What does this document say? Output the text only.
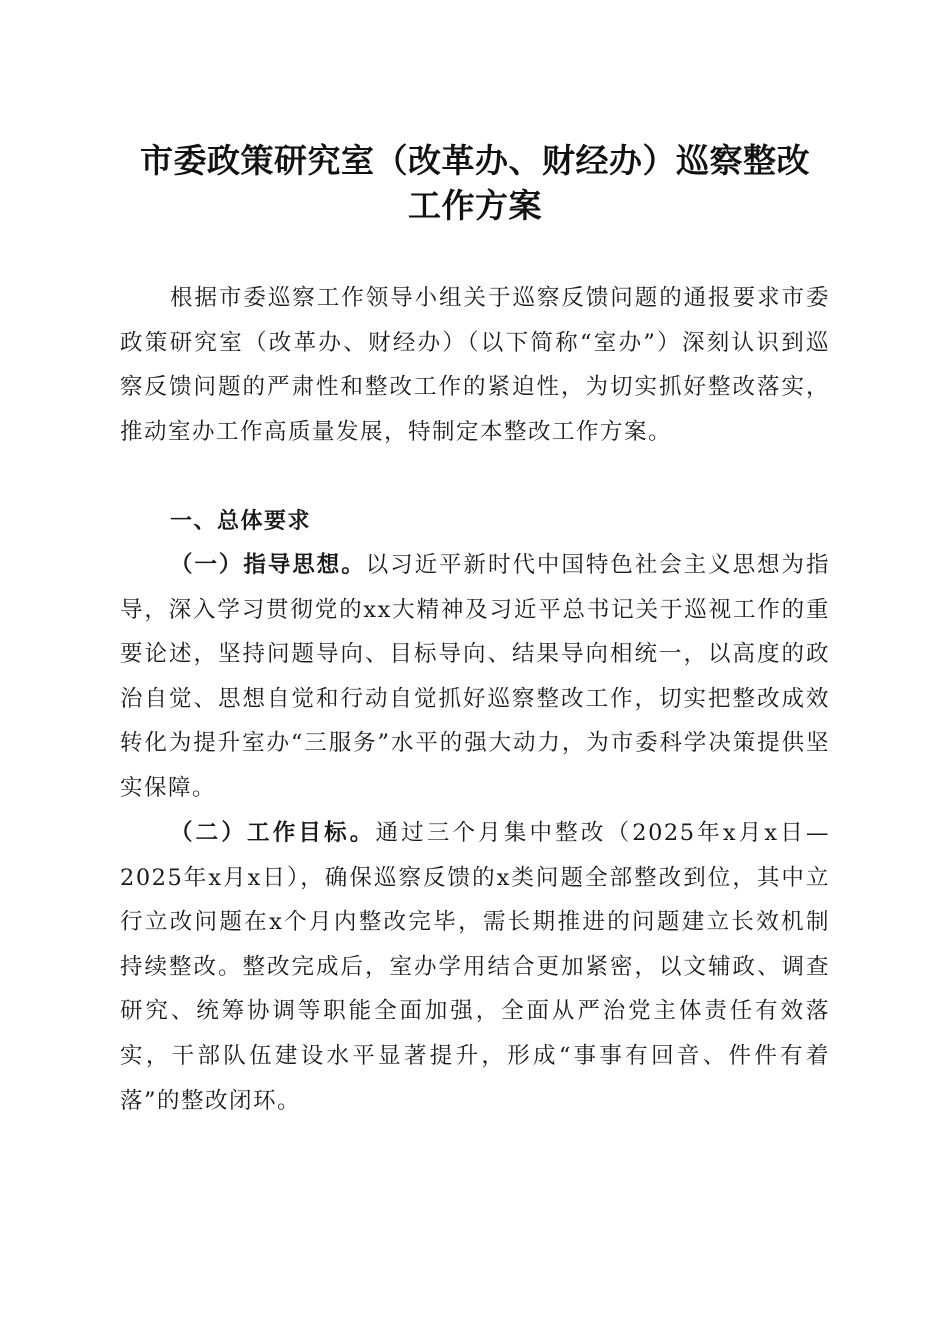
市委政策研究室（改革办、财经办）巡察整改
工作方案

根据市委巡察工作领导小组关于巡察反馈问题的通报要求市委政策研究室（改革办、财经办）（以下简称“室办”）深刻认识到巡察反馈问题的严肃性和整改工作的紧迫性，为切实抓好整改落实，推动室办工作高质量发展，特制定本整改工作方案。

一、总体要求

（一）指导思想。以习近平新时代中国特色社会主义思想为指导，深入学习贯彻党的xx大精神及习近平总书记关于巡视工作的重要论述，坚持问题导向、目标导向、结果导向相统一，以高度的政治自觉、思想自觉和行动自觉抓好巡察整改工作，切实把整改成效转化为提升室办“三服务”水平的强大动力，为市委科学决策提供坚实保障。

（二）工作目标。通过三个月集中整改（2025年x月x日—2025年x月x日），确保巡察反馈的x类问题全部整改到位，其中立行立改问题在x个月内整改完毕，需长期推进的问题建立长效机制持续整改。整改完成后，室办学用结合更加紧密，以文辅政、调查研究、统筹协调等职能全面加强，全面从严治党主体责任有效落实，干部队伍建设水平显著提升，形成“事事有回音、件件有着落”的整改闭环。
